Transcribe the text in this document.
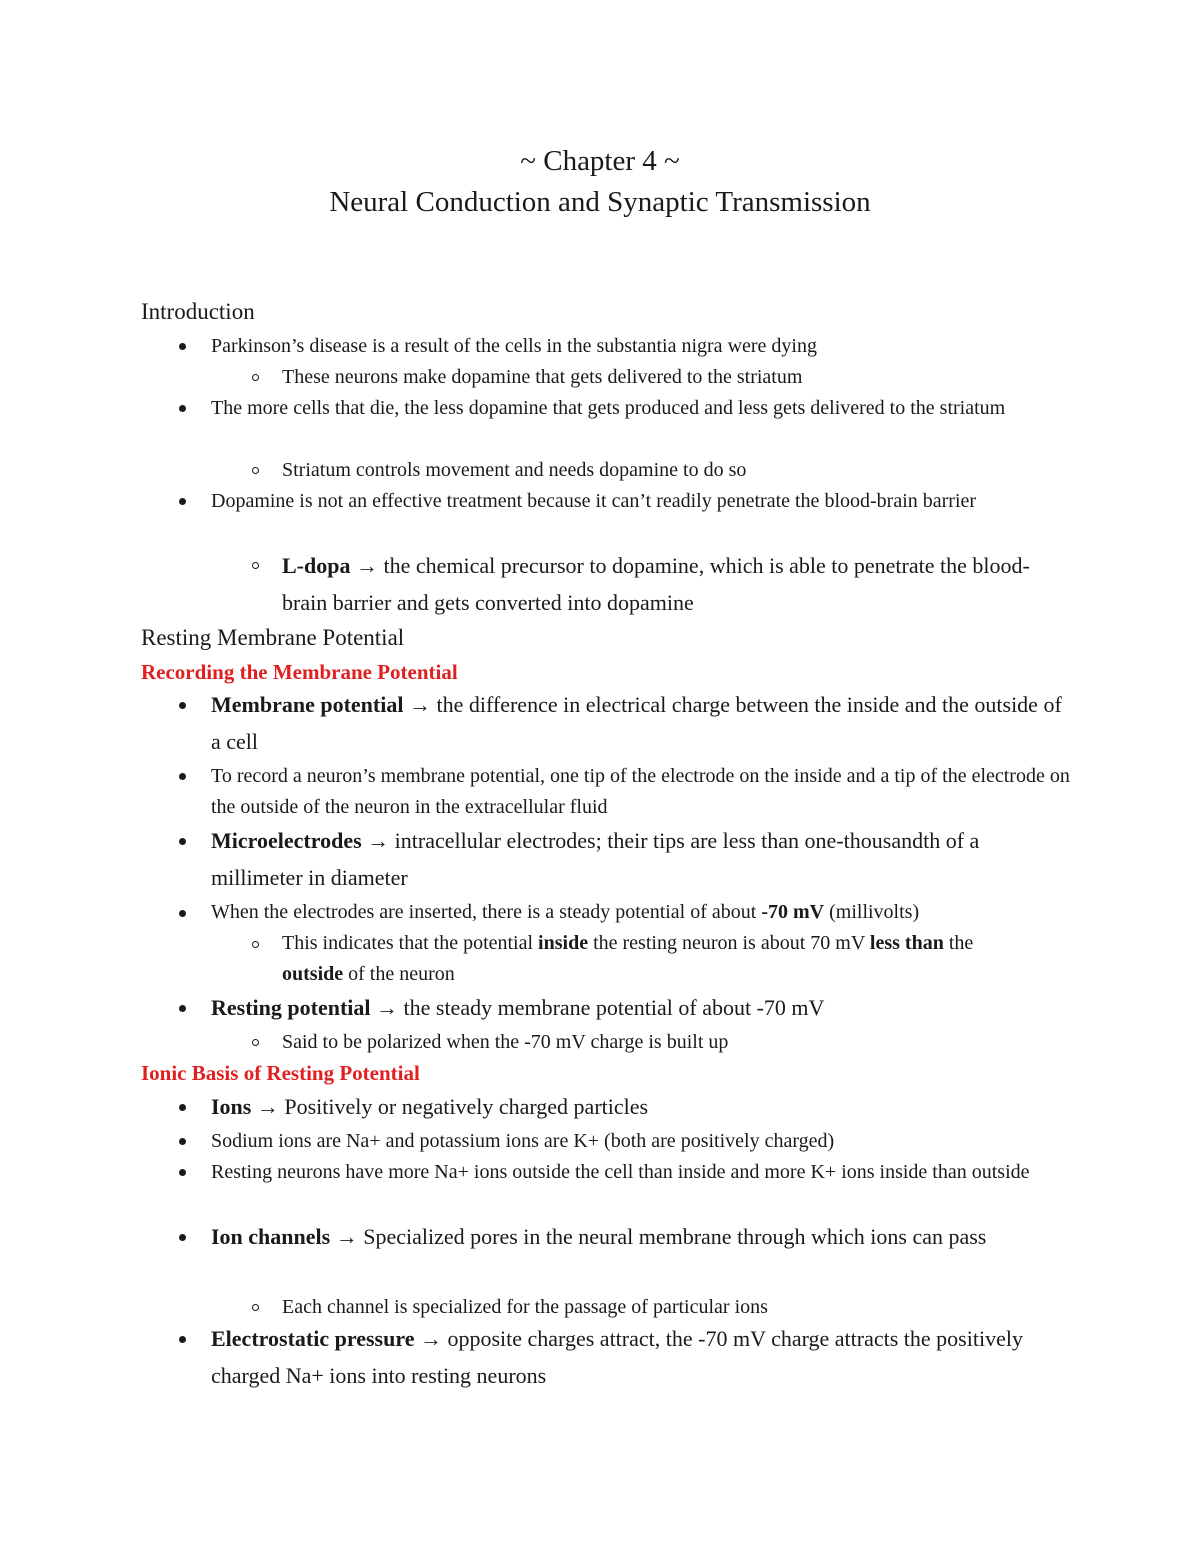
~ Chapter 4 ~
Neural Conduction and Synaptic Transmission
Introduction
Parkinson’s disease is a result of the cells in the substantia nigra were dying
These neurons make dopamine that gets delivered to the striatum
The more cells that die, the less dopamine that gets produced and less gets delivered to the striatum
Striatum controls movement and needs dopamine to do so
Dopamine is not an effective treatment because it can’t readily penetrate the blood-brain barrier
L-dopa → the chemical precursor to dopamine, which is able to penetrate the blood-brain barrier and gets converted into dopamine
Resting Membrane Potential
Recording the Membrane Potential
Membrane potential → the difference in electrical charge between the inside and the outside of a cell
To record a neuron’s membrane potential, one tip of the electrode on the inside and a tip of the electrode on the outside of the neuron in the extracellular fluid
Microelectrodes → intracellular electrodes; their tips are less than one-thousandth of a millimeter in diameter
When the electrodes are inserted, there is a steady potential of about -70 mV (millivolts)
This indicates that the potential inside the resting neuron is about 70 mV less than the outside of the neuron
Resting potential → the steady membrane potential of about -70 mV
Said to be polarized when the -70 mV charge is built up
Ionic Basis of Resting Potential
Ions → Positively or negatively charged particles
Sodium ions are Na+ and potassium ions are K+ (both are positively charged)
Resting neurons have more Na+ ions outside the cell than inside and more K+ ions inside than outside
Ion channels → Specialized pores in the neural membrane through which ions can pass
Each channel is specialized for the passage of particular ions
Electrostatic pressure → opposite charges attract, the -70 mV charge attracts the positively charged Na+ ions into resting neurons
